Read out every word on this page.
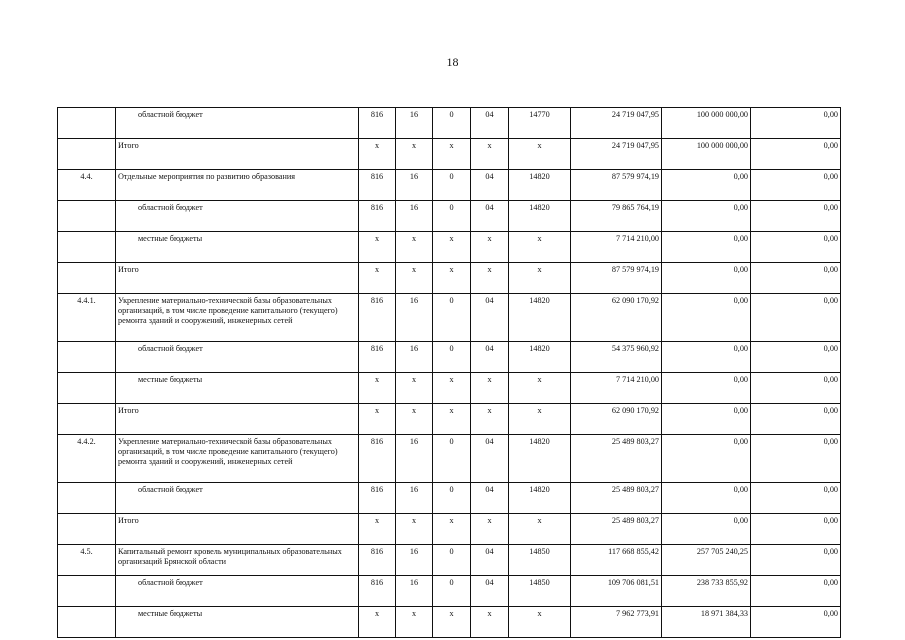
18
	областной бюджет	816	16	0	04	14770	24 719 047,95	100 000 000,00	0,00
	Итого	x	x	x	x	x	24 719 047,95	100 000 000,00	0,00
4.4.	Отдельные мероприятия по развитию образования	816	16	0	04	14820	87 579 974,19	0,00	0,00
	областной бюджет	816	16	0	04	14820	79 865 764,19	0,00	0,00
	местные бюджеты	x	x	x	x	x	7 714 210,00	0,00	0,00
	Итого	x	x	x	x	x	87 579 974,19	0,00	0,00
4.4.1.	Укрепление материально-технической базы образовательных организаций, в том числе проведение капитального (текущего) ремонта зданий и сооружений, инженерных сетей	816	16	0	04	14820	62 090 170,92	0,00	0,00
	областной бюджет	816	16	0	04	14820	54 375 960,92	0,00	0,00
	местные бюджеты	x	x	x	x	x	7 714 210,00	0,00	0,00
	Итого	x	x	x	x	x	62 090 170,92	0,00	0,00
4.4.2.	Укрепление материально-технической базы образовательных организаций, в том числе проведение капитального (текущего) ремонта зданий и сооружений, инженерных сетей	816	16	0	04	14820	25 489 803,27	0,00	0,00
	областной бюджет	816	16	0	04	14820	25 489 803,27	0,00	0,00
	Итого	x	x	x	x	x	25 489 803,27	0,00	0,00
4.5.	Капитальный ремонт кровель муниципальных образовательных организаций Брянской области	816	16	0	04	14850	117 668 855,42	257 705 240,25	0,00
	областной бюджет	816	16	0	04	14850	109 706 081,51	238 733 855,92	0,00
	местные бюджеты	x	x	x	x	x	7 962 773,91	18 971 384,33	0,00
